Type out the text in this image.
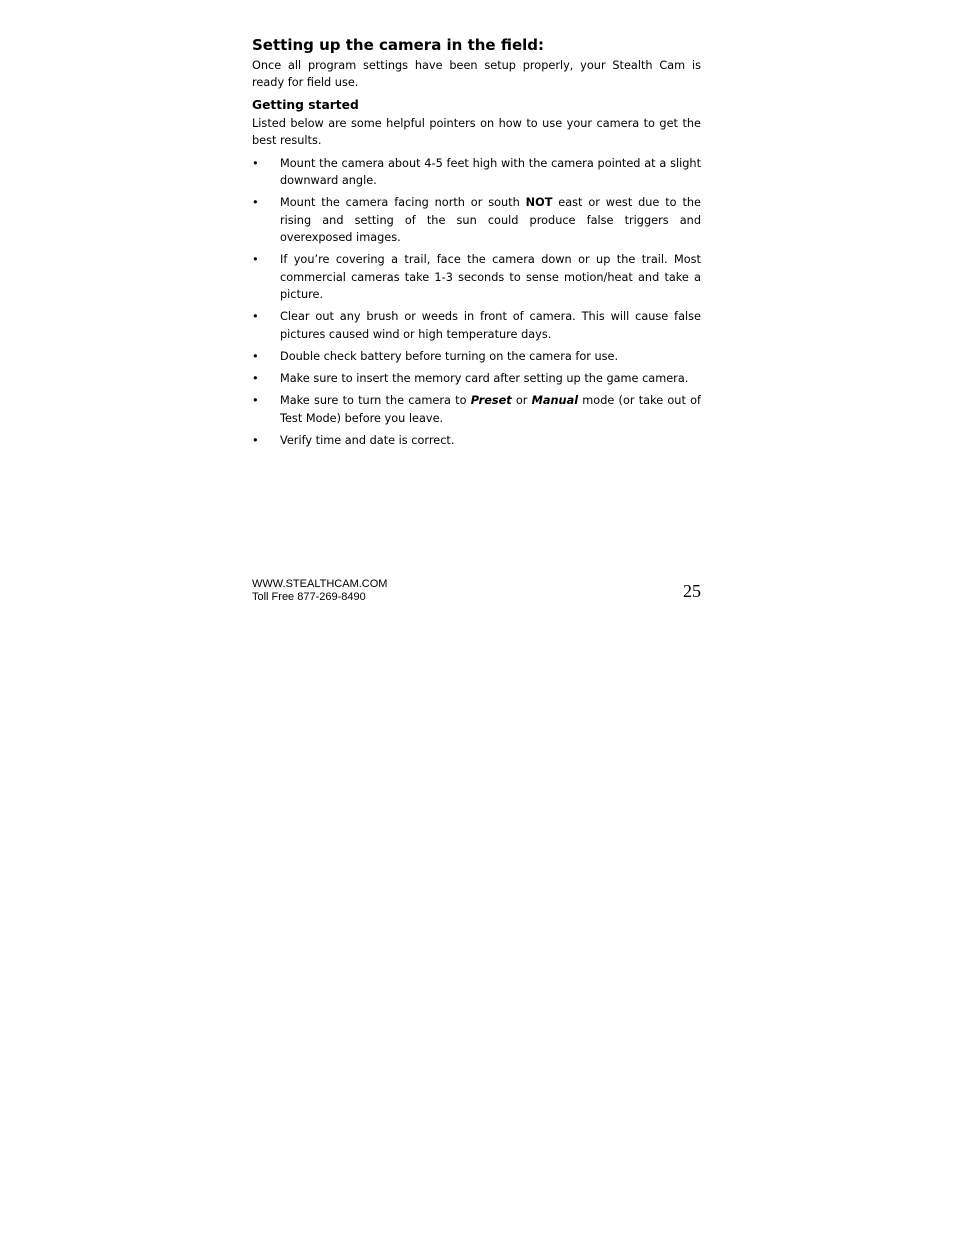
Setting up the camera in the field:

Once all program settings have been setup properly, your Stealth Cam is ready for field use.

Getting started

Listed below are some helpful pointers on how to use your camera to get the best results.

• Mount the camera about 4-5 feet high with the camera pointed at a slight downward angle.
• Mount the camera facing north or south NOT east or west due to the rising and setting of the sun could produce false triggers and overexposed images.
• If you’re covering a trail, face the camera down or up the trail. Most commercial cameras take 1-3 seconds to sense motion/heat and take a picture.
• Clear out any brush or weeds in front of camera. This will cause false pictures caused wind or high temperature days.
• Double check battery before turning on the camera for use.
• Make sure to insert the memory card after setting up the game camera.
• Make sure to turn the camera to Preset or Manual mode (or take out of Test Mode) before you leave.
• Verify time and date is correct.
WWW.STEALTHCAM.COM
Toll Free 877-269-8490	25
